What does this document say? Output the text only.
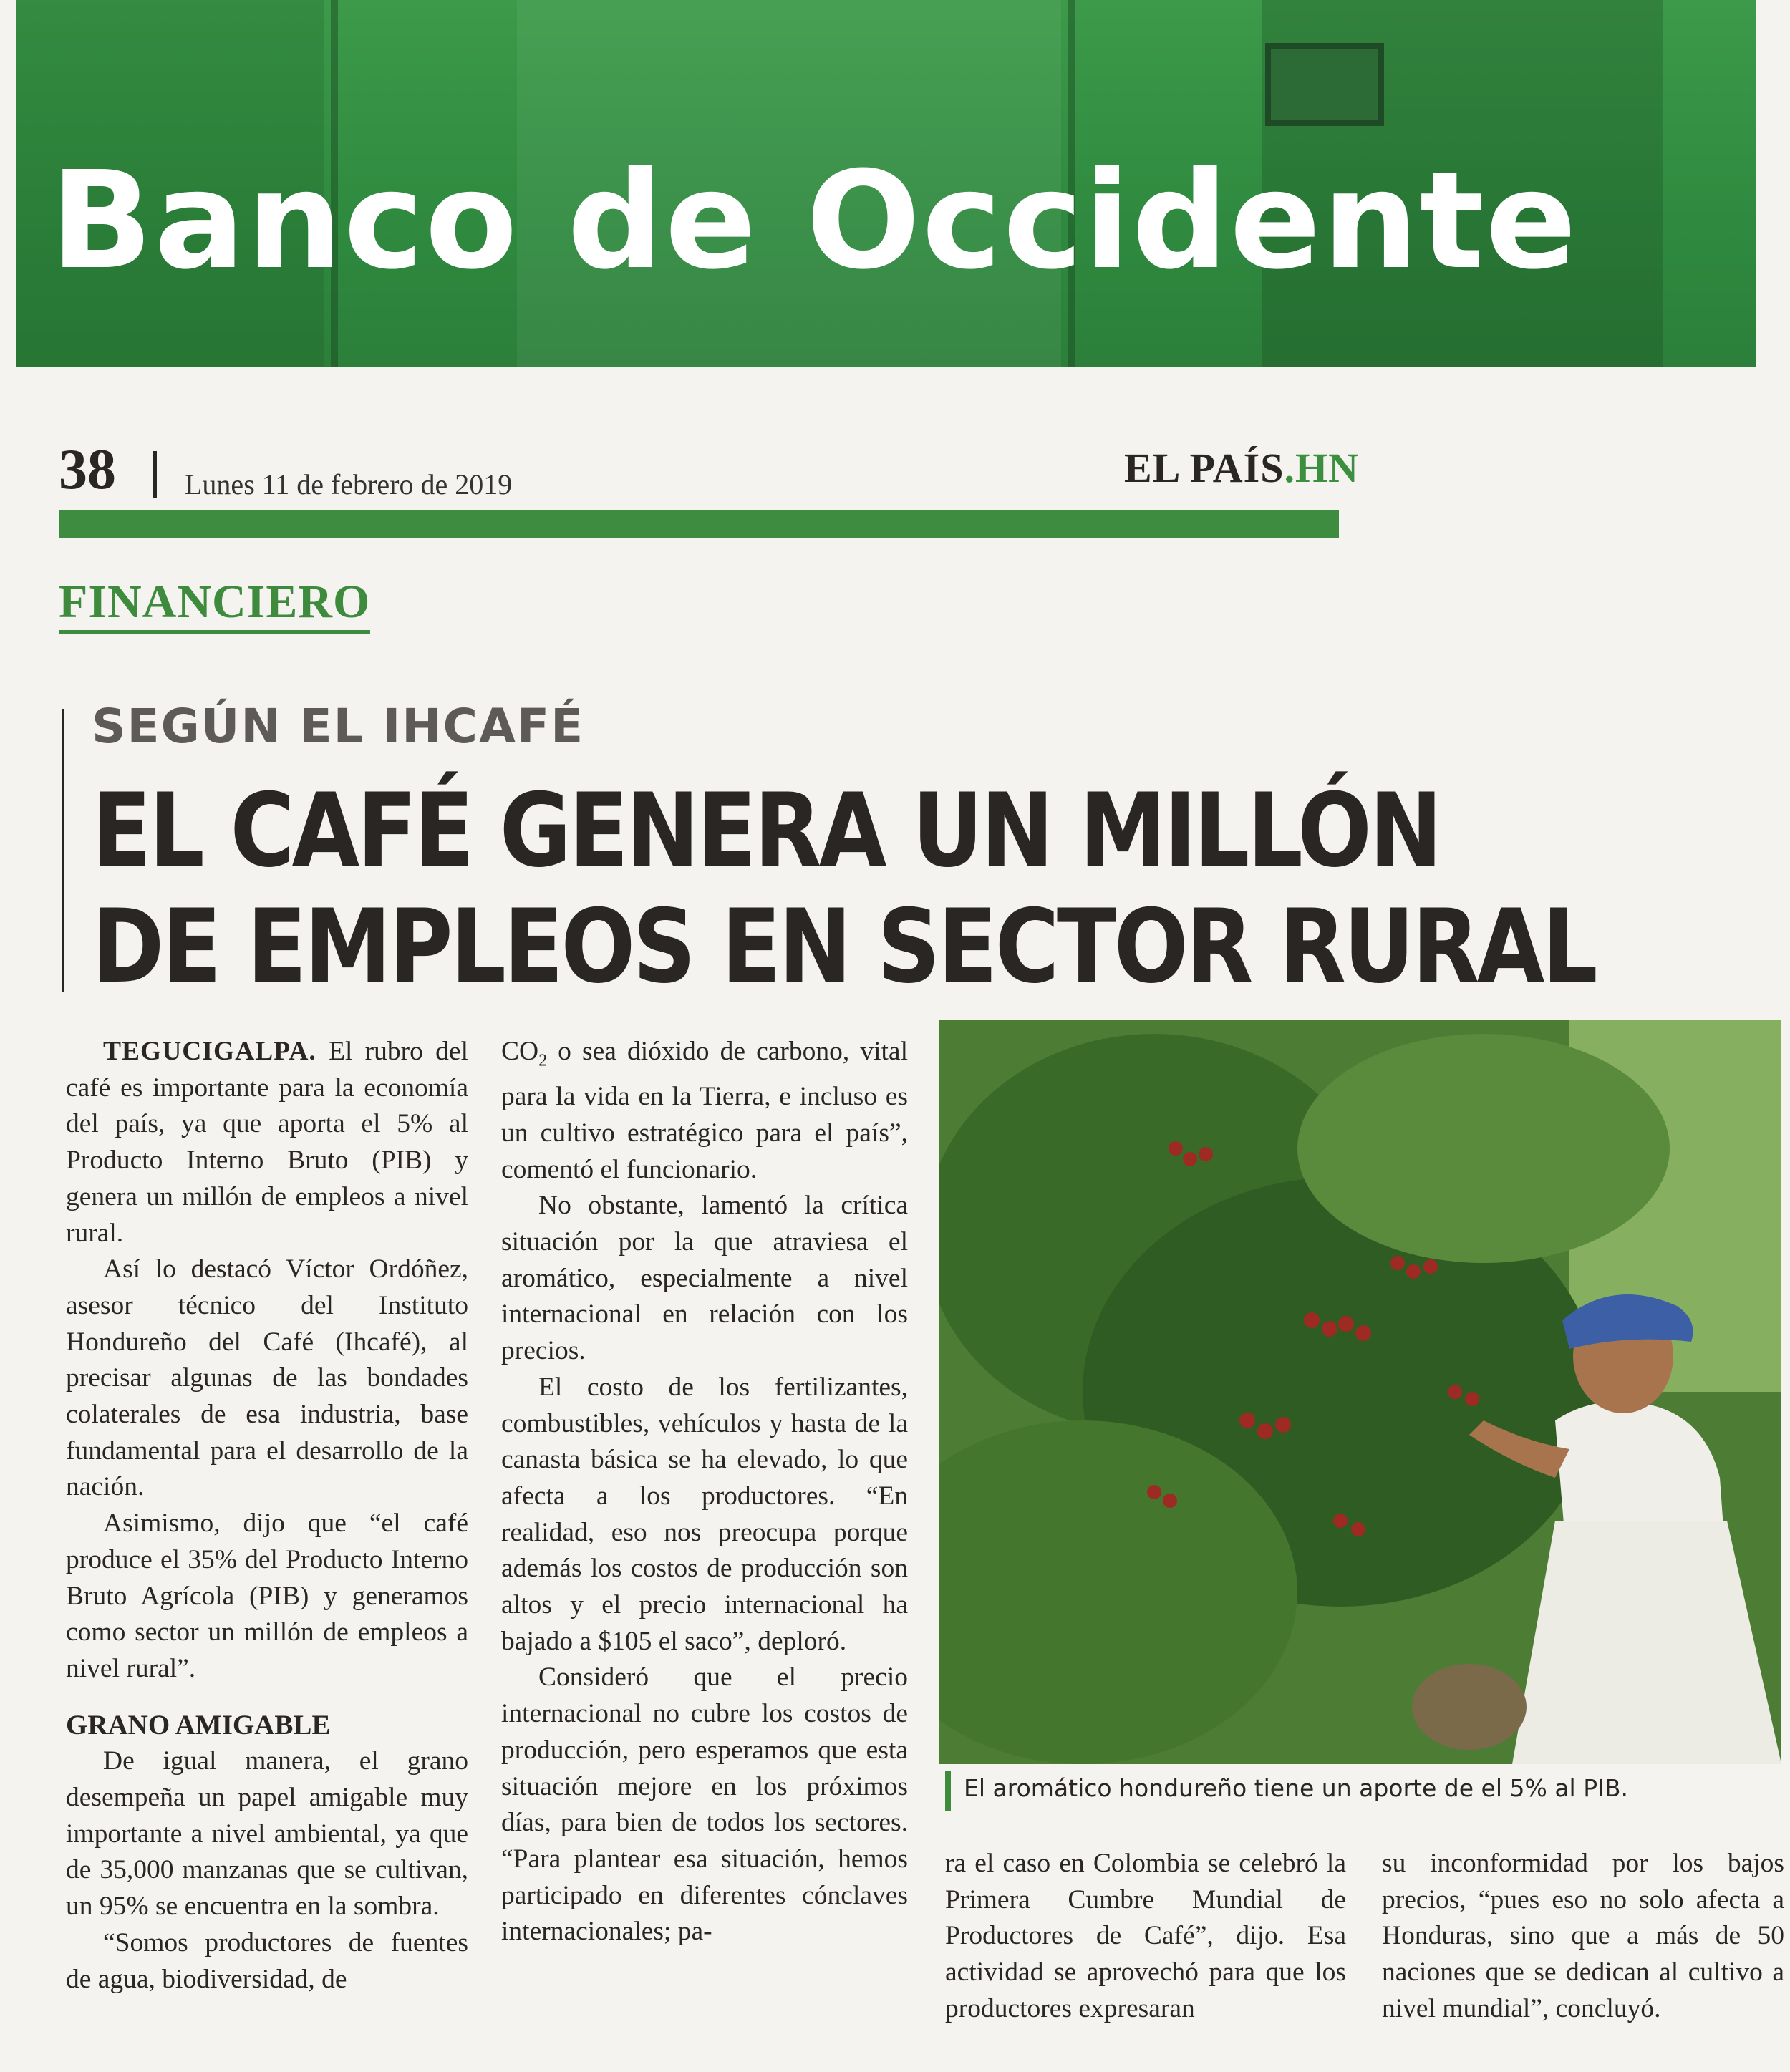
Banco de Occidente
38 Lunes 11 de febrero de 2019	EL PAÍS.HN
FINANCIERO
SEGÚN EL IHCAFÉ
EL CAFÉ GENERA UN MILLÓN
DE EMPLEOS EN SECTOR RURAL

TEGUCIGALPA. El rubro del café es importante para la economía del país, ya que aporta el 5% al Producto Interno Bruto (PIB) y genera un millón de empleos a nivel rural.

Así lo destacó Víctor Ordóñez, asesor técnico del Instituto Hondureño del Café (Ihcafé), al precisar algunas de las bondades colaterales de esa industria, base fundamental para el desarrollo de la nación.

Asimismo, dijo que “el café produce el 35% del Producto Interno Bruto Agrícola (PIB) y generamos como sector un millón de empleos a nivel rural”.

GRANO AMIGABLE

De igual manera, el grano desempeña un papel amigable muy importante a nivel ambiental, ya que de 35,000 manzanas que se cultivan, un 95% se encuentra en la sombra.

“Somos productores de fuentes de agua, biodiversidad, de

$CO_2$ o sea dióxido de carbono, vital para la vida en la Tierra, e incluso es un cultivo estratégico para el país”, comentó el funcionario.

No obstante, lamentó la crítica situación por la que atraviesa el aromático, especialmente a nivel internacional en relación con los precios.

El costo de los fertilizantes, combustibles, vehículos y hasta de la canasta básica se ha elevado, lo que afecta a los productores. “En realidad, eso nos preocupa porque además los costos de producción son altos y el precio internacional ha bajado a $105 el saco”, deploró.

Consideró que el precio internacional no cubre los costos de producción, pero esperamos que esta situación mejore en los próximos días, para bien de todos los sectores. “Para plantear esa situación, hemos participado en diferentes cónclaves internacionales; pa-

El aromático hondureño tiene un aporte de el 5% al PIB.

ra el caso en Colombia se celebró la Primera Cumbre Mundial de Productores de Café”, dijo. Esa actividad se aprovechó para que los productores expresaran

su inconformidad por los bajos precios, “pues eso no solo afecta a Honduras, sino que a más de 50 naciones que se dedican al cultivo a nivel mundial”, concluyó.
